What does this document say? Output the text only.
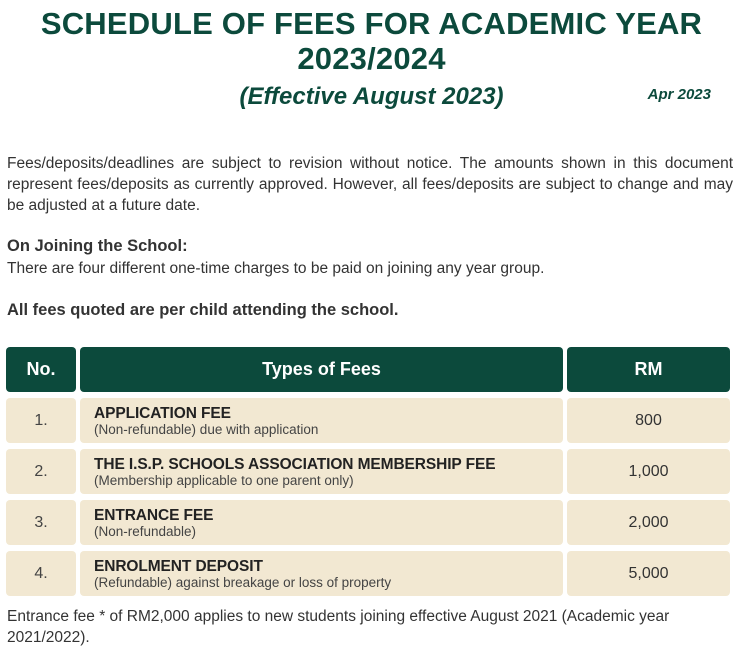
SCHEDULE OF FEES FOR ACADEMIC YEAR
2023/2024
(Effective August 2023)	Apr 2023
Fees/deposits/deadlines are subject to revision without notice. The amounts shown in this document represent fees/deposits as currently approved. However, all fees/deposits are subject to change and may be adjusted at a future date.
On Joining the School:
There are four different one-time charges to be paid on joining any year group.
All fees quoted are per child attending the school.
No.	Types of Fees	RM
1.	APPLICATION FEE
(Non-refundable) due with application
800
2.	THE I.S.P. SCHOOLS ASSOCIATION MEMBERSHIP FEE
(Membership applicable to one parent only)
1,000
3.	ENTRANCE FEE
(Non-refundable)
2,000
4.	ENROLMENT DEPOSIT
(Refundable) against breakage or loss of property
5,000
Entrance fee * of RM2,000 applies to new students joining effective August 2021 (Academic year 2021/2022).
